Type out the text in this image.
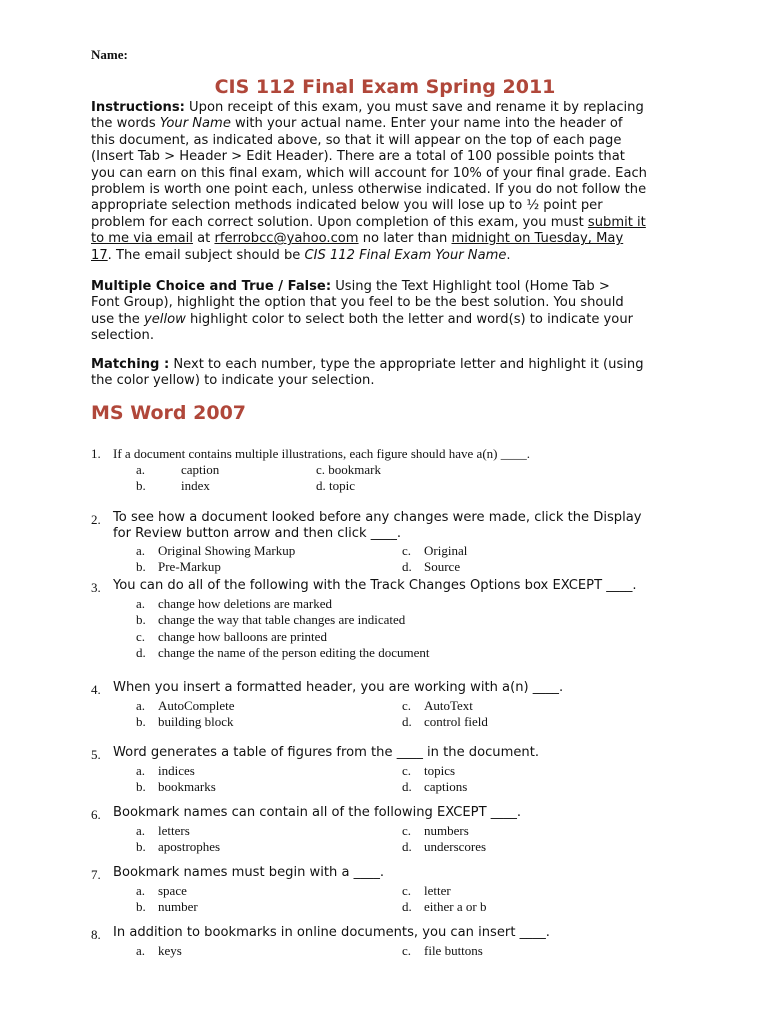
Name:
CIS 112 Final Exam Spring 2011
Instructions: Upon receipt of this exam, you must save and rename it by replacing
the words Your Name with your actual name. Enter your name into the header of
this document, as indicated above, so that it will appear on the top of each page
(Insert Tab > Header > Edit Header). There are a total of 100 possible points that
you can earn on this final exam, which will account for 10% of your final grade. Each
problem is worth one point each, unless otherwise indicated. If you do not follow the
appropriate selection methods indicated below you will lose up to ½ point per
problem for each correct solution. Upon completion of this exam, you must submit it
to me via email at rferrobcc@yahoo.com no later than midnight on Tuesday, May
17. The email subject should be CIS 112 Final Exam Your Name.
Multiple Choice and True / False: Using the Text Highlight tool (Home Tab >
Font Group), highlight the option that you feel to be the best solution. You should
use the yellow highlight color to select both the letter and word(s) to indicate your
selection.
Matching : Next to each number, type the appropriate letter and highlight it (using
the color yellow) to indicate your selection.
MS Word 2007
1. If a document contains multiple illustrations, each figure should have a(n) ____.
a.	caption
b.	index
c. bookmark
d. topic
2. To see how a document looked before any changes were made, click the Display
for Review button arrow and then click ____.
a. Original Showing Markup
b. Pre-Markup
c. Original
d. Source
3. You can do all of the following with the Track Changes Options box EXCEPT ____.
a. change how deletions are marked
b. change the way that table changes are indicated
c. change how balloons are printed
d. change the name of the person editing the document
4. When you insert a formatted header, you are working with a(n) ____.
a. AutoComplete
b. building block
c. AutoText
d. control field
5. Word generates a table of figures from the ____ in the document.
a. indices
b. bookmarks
c. topics
d. captions
6. Bookmark names can contain all of the following EXCEPT ____.
a. letters
b. apostrophes
c. numbers
d. underscores
7. Bookmark names must begin with a ____.
a. space
b. number
c. letter
d. either a or b
8. In addition to bookmarks in online documents, you can insert ____.
a. keys	c. file buttons
